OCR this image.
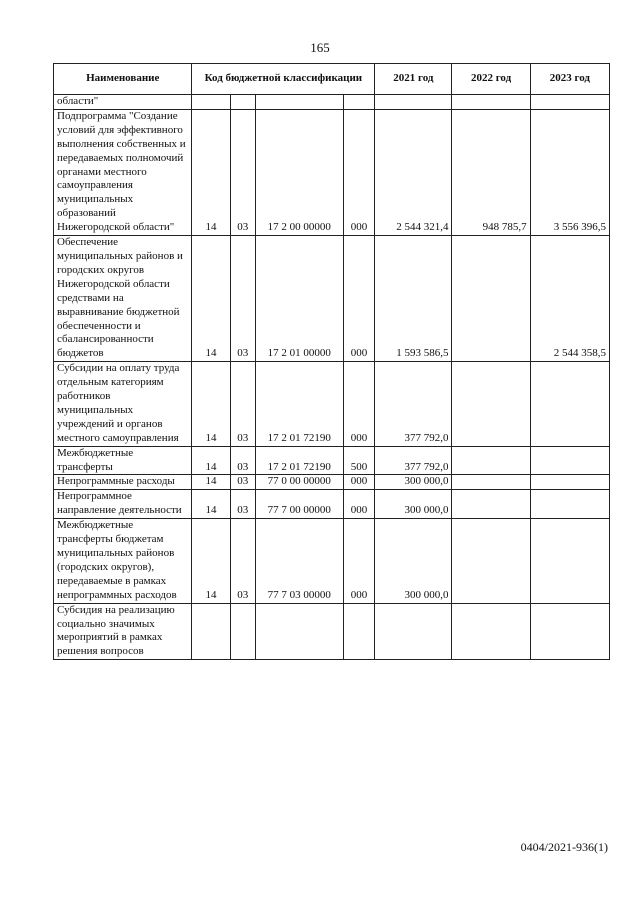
165
Наименование	Код бюджетной классификации				2021 год	2022 год	2023 год
области"							
Подпрограмма "Создание условий для эффективного выполнения собственных и передаваемых полномочий органами местного самоуправления муниципальных образований Нижегородской области"	14	03	17 2 00 00000	000	2 544 321,4	948 785,7	3 556 396,5
Обеспечение муниципальных районов и городских округов Нижегородской области средствами на выравнивание бюджетной обеспеченности и сбалансированности бюджетов	14	03	17 2 01 00000	000	1 593 586,5		2 544 358,5
Субсидии на оплату труда отдельным категориям работников муниципальных учреждений и органов местного самоуправления	14	03	17 2 01 72190	000	377 792,0		
Межбюджетные трансферты	14	03	17 2 01 72190	500	377 792,0		
Непрограммные расходы	14	03	77 0 00 00000	000	300 000,0		
Непрограммное направление деятельности	14	03	77 7 00 00000	000	300 000,0		
Межбюджетные трансферты бюджетам муниципальных районов (городских округов), передаваемые в рамках непрограммных расходов	14	03	77 7 03 00000	000	300 000,0		
Субсидия на реализацию социально значимых мероприятий в рамках решения вопросов							
0404/2021-936(1)
